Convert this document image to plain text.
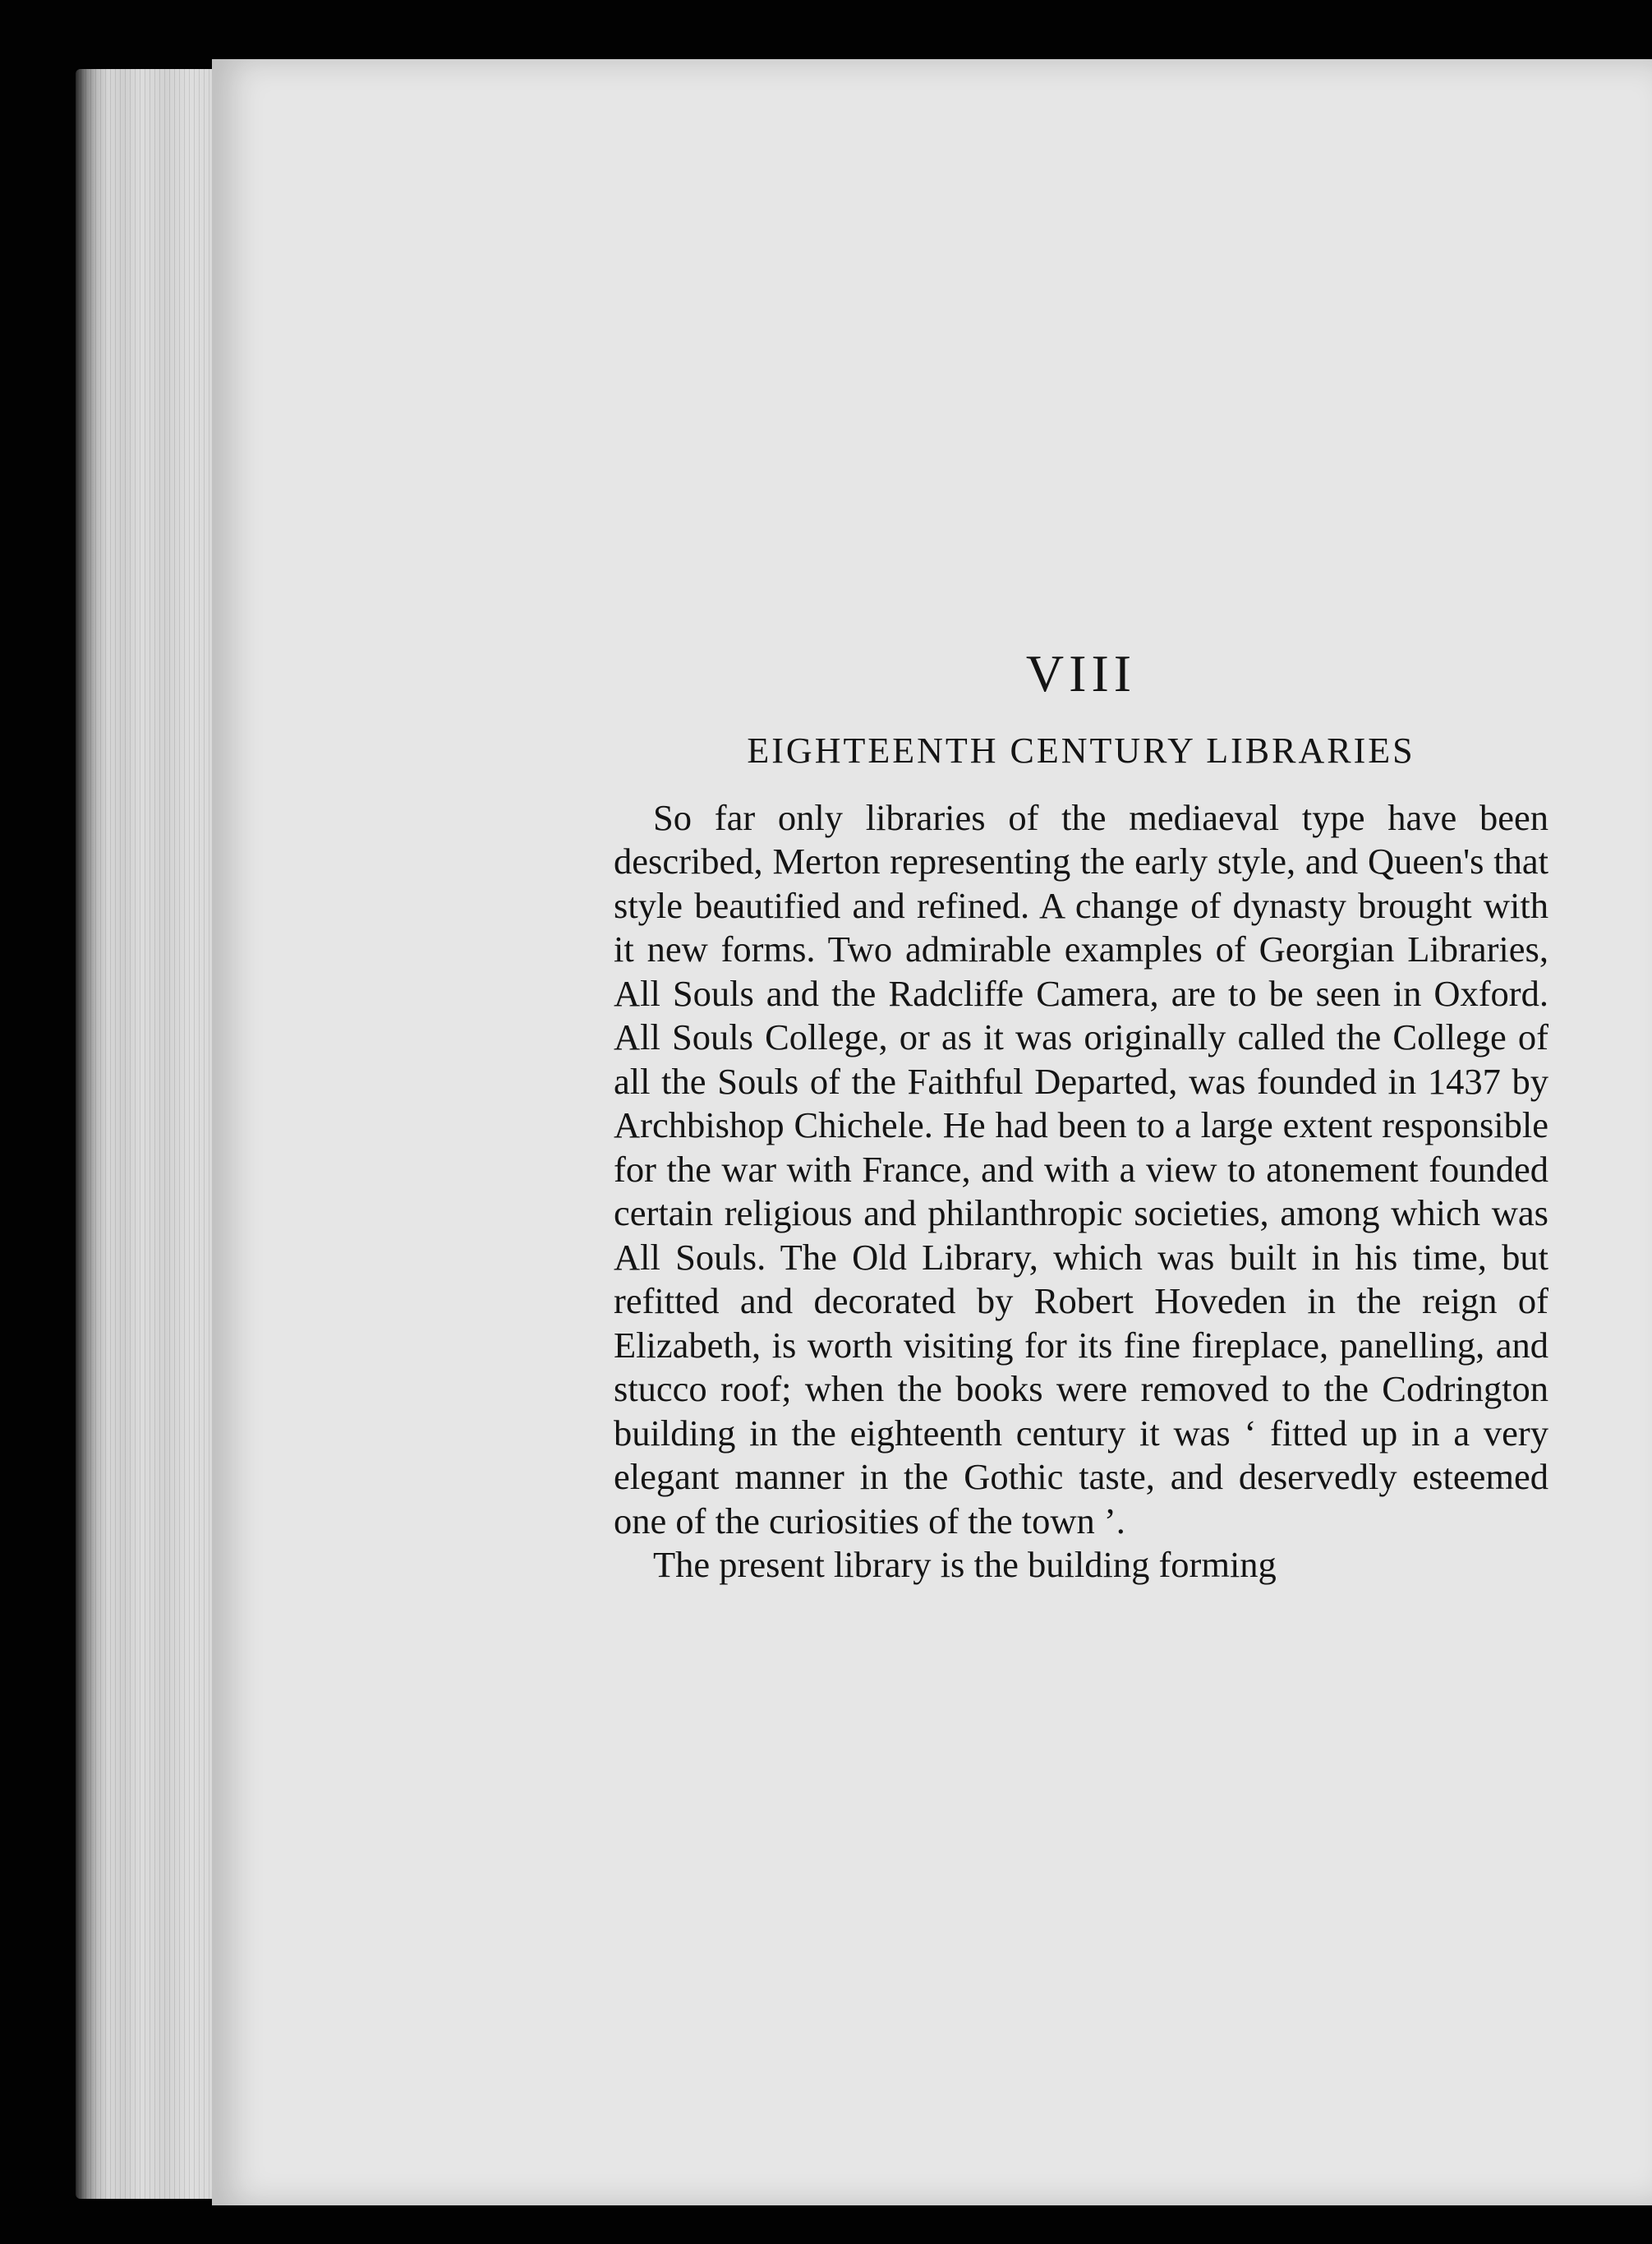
VIII
EIGHTEENTH CENTURY LIBRARIES

So far only libraries of the mediaeval type have been described, Merton representing the early style, and Queen's that style beautified and refined. A change of dynasty brought with it new forms. Two admirable examples of Georgian Libraries, All Souls and the Radcliffe Camera, are to be seen in Oxford. All Souls College, or as it was originally called the College of all the Souls of the Faithful Departed, was founded in 1437 by Archbishop Chichele. He had been to a large extent responsible for the war with France, and with a view to atonement founded certain religious and philanthropic societies, among which was All Souls. The Old Library, which was built in his time, but refitted and decorated by Robert Hoveden in the reign of Elizabeth, is worth visiting for its fine fireplace, panelling, and stucco roof; when the books were removed to the Codrington building in the eighteenth century it was ‘ fitted up in a very elegant manner in the Gothic taste, and deservedly esteemed one of the curiosities of the town ’.

The present library is the building forming
